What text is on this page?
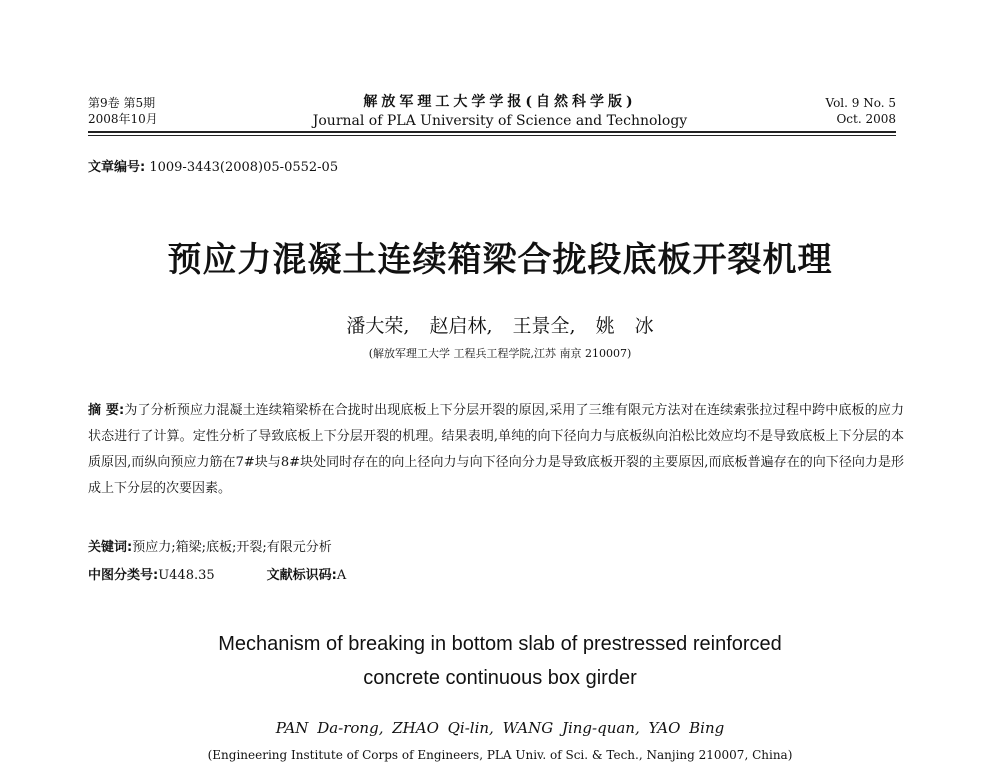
第9卷 第5期
2008年10月
解放军理工大学学报(自然科学版)
Journal of PLA University of Science and Technology
Vol. 9 No. 5
Oct. 2008
文章编号: 1009-3443(2008)05-0552-05
预应力混凝土连续箱梁合拢段底板开裂机理
潘大荣, 赵启林, 王景全, 姚 冰
(解放军理工大学 工程兵工程学院,江苏 南京 210007)
摘 要:为了分析预应力混凝土连续箱梁桥在合拢时出现底板上下分层开裂的原因,采用了三维有限元方法对在连续索张拉过程中跨中底板的应力状态进行了计算。定性分析了导致底板上下分层开裂的机理。结果表明,单纯的向下径向力与底板纵向泊松比效应均不是导致底板上下分层的本质原因,而纵向预应力筋在7#块与8#块处同时存在的向上径向力与向下径向分力是导致底板开裂的主要原因,而底板普遍存在的向下径向力是形成上下分层的次要因素。
关键词:预应力;箱梁;底板;开裂;有限元分析
中图分类号:U448.35	文献标识码:A
Mechanism of breaking in bottom slab of prestressed reinforced
concrete continuous box girder
PAN Da-rong, ZHAO Qi-lin, WANG Jing-quan, YAO Bing
(Engineering Institute of Corps of Engineers, PLA Univ. of Sci. & Tech., Nanjing 210007, China)
